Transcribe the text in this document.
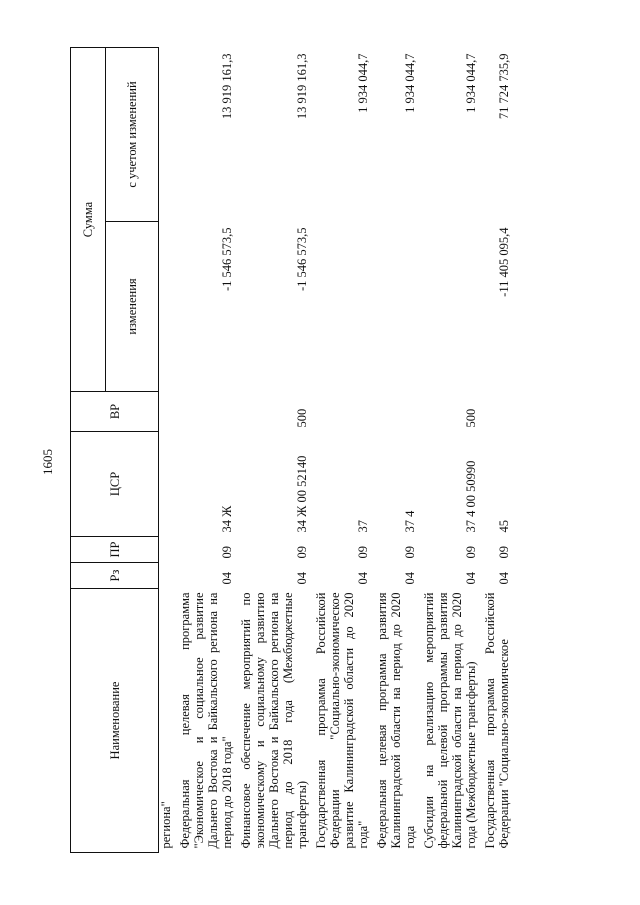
1605
Наименование	Рз	ПР	ЦСР	ВР	Сумма	
					изменения	с учетом изменений
региона"						
Федеральная целевая программа "Экономическое и социальное развитие Дальнего Востока и Байкальского региона на период до 2018 года"	04	09	34 Ж		-1 546 573,5	13 919 161,3
Финансовое обеспечение мероприятий по экономическому и социальному развитию Дальнего Востока и Байкальского региона на период до 2018 года (Межбюджетные трансферты)	04	09	34 Ж 00 52140	500	-1 546 573,5	13 919 161,3
Государственная программа Российской Федерации "Социально-экономическое развитие Калининградской области до 2020 года"	04	09	37			1 934 044,7
Федеральная целевая программа развития Калининградской области на период до 2020 года	04	09	37 4			1 934 044,7
Субсидии на реализацию мероприятий федеральной целевой программы развития Калининградской области на период до 2020 года (Межбюджетные трансферты)	04	09	37 4 00 50990	500		1 934 044,7
Государственная программа Российской Федерации "Социально-экономическое	04	09	45		-11 405 095,4	71 724 735,9
